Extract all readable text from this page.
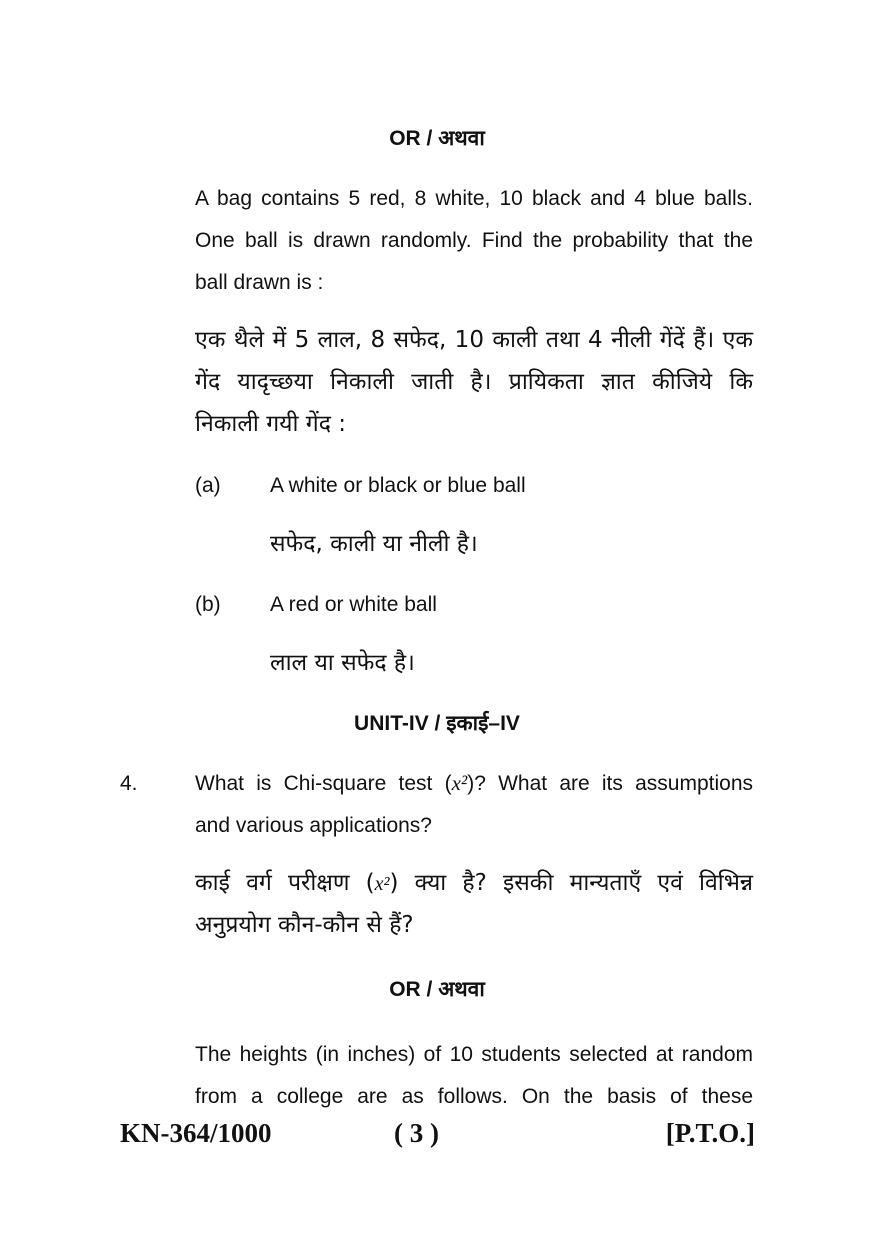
OR / अथवा
A bag contains 5 red, 8 white, 10 black and 4 blue balls.
One ball is drawn randomly. Find the probability that the
ball drawn is :
एक थैले में 5 लाल, 8 सफेद, 10 काली तथा 4 नीली गेंदें हैं। एक
गेंद यादृच्छया निकाली जाती है। प्रायिकता ज्ञात कीजिये कि
निकाली गयी गेंद :
(a) A white or black or blue ball
सफेद, काली या नीली है।
(b) A red or white ball
लाल या सफेद है।
UNIT-IV / इकाई–IV
4.	What is Chi-square test (x²)? What are its assumptions
and various applications?
काई वर्ग परीक्षण (x²) क्या है? इसकी मान्यताएँ एवं विभिन्न
अनुप्रयोग कौन-कौन से हैं?
OR / अथवा
The heights (in inches) of 10 students selected at random
from a college are as follows. On the basis of these
KN-364/1000	( 3 )	[P.T.O.]
